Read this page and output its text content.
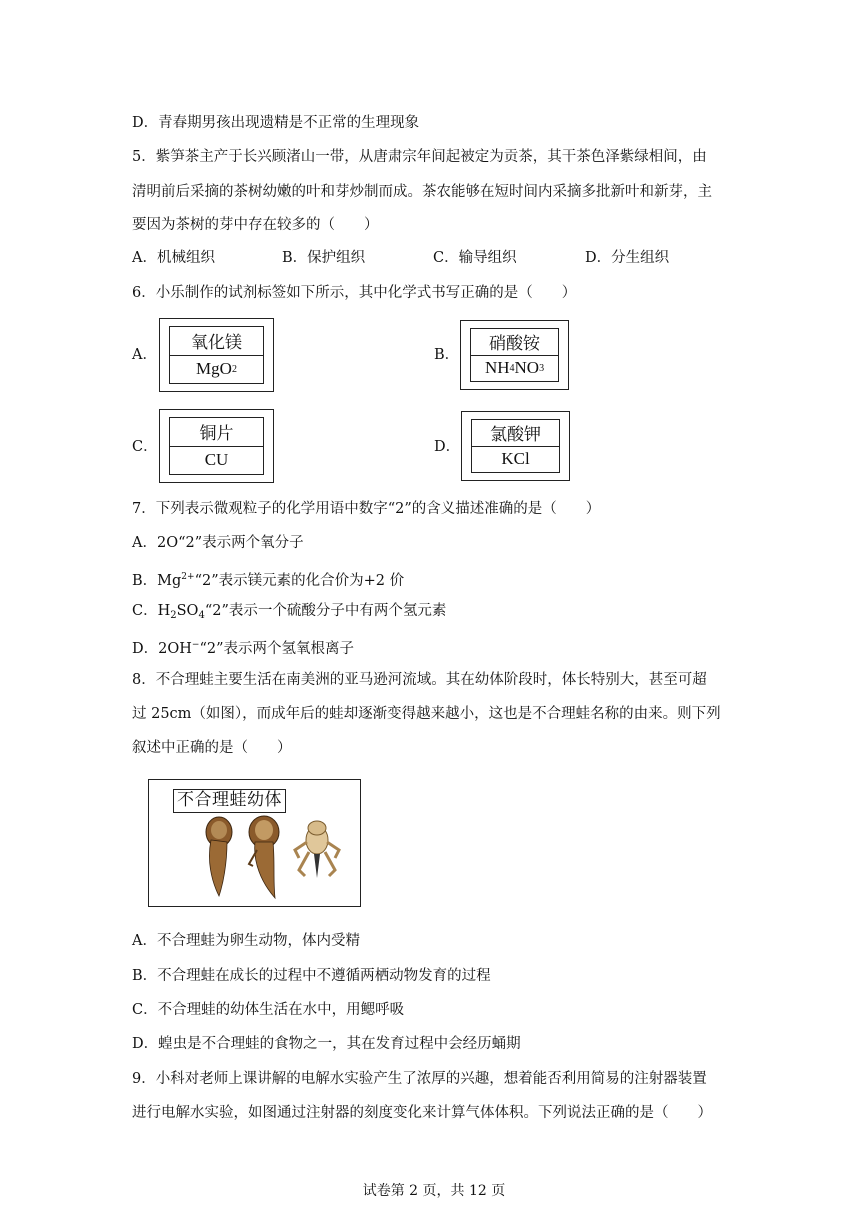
D．青春期男孩出现遗精是不正常的生理现象
5．紫笋茶主产于长兴顾渚山一带，从唐肃宗年间起被定为贡茶，其干茶色泽紫绿相间，由
清明前后采摘的茶树幼嫩的叶和芽炒制而成。茶农能够在短时间内采摘多批新叶和新芽，主
要因为茶树的芽中存在较多的（　　）
A．机械组织	B．保护组织	C．输导组织	D．分生组织
6．小乐制作的试剂标签如下所示，其中化学式书写正确的是（　　）
A．
氧化镁
MgO 2
B．
硝酸铵
NH 4 NO 3
C．
铜片
CU
D．
氯酸钾
KCl
7．下列表示微观粒子的化学用语中数字“2”的含义描述准确的是（　　）
A．2O“2”表示两个氧分子
B．$Mg^{2+}“2$”表示镁元素的化合价为+2 价
C．$H_2SO_4“2$”表示一个硫酸分子中有两个氢元素
D．2OH−“2”表示两个氢氧根离子
8．不合理蛙主要生活在南美洲的亚马逊河流域。其在幼体阶段时，体长特别大，甚至可超
过 25cm（如图），而成年后的蛙却逐渐变得越来越小，这也是不合理蛙名称的由来。则下列
叙述中正确的是（　　）
不合理蛙幼体
A．不合理蛙为卵生动物，体内受精
B．不合理蛙在成长的过程中不遵循两栖动物发育的过程
C．不合理蛙的幼体生活在水中，用鳃呼吸
D．蝗虫是不合理蛙的食物之一，其在发育过程中会经历蛹期
9．小科对老师上课讲解的电解水实验产生了浓厚的兴趣，想着能否利用简易的注射器装置
进行电解水实验，如图通过注射器的刻度变化来计算气体体积。下列说法正确的是（　　）
试卷第 2 页，共 12 页
